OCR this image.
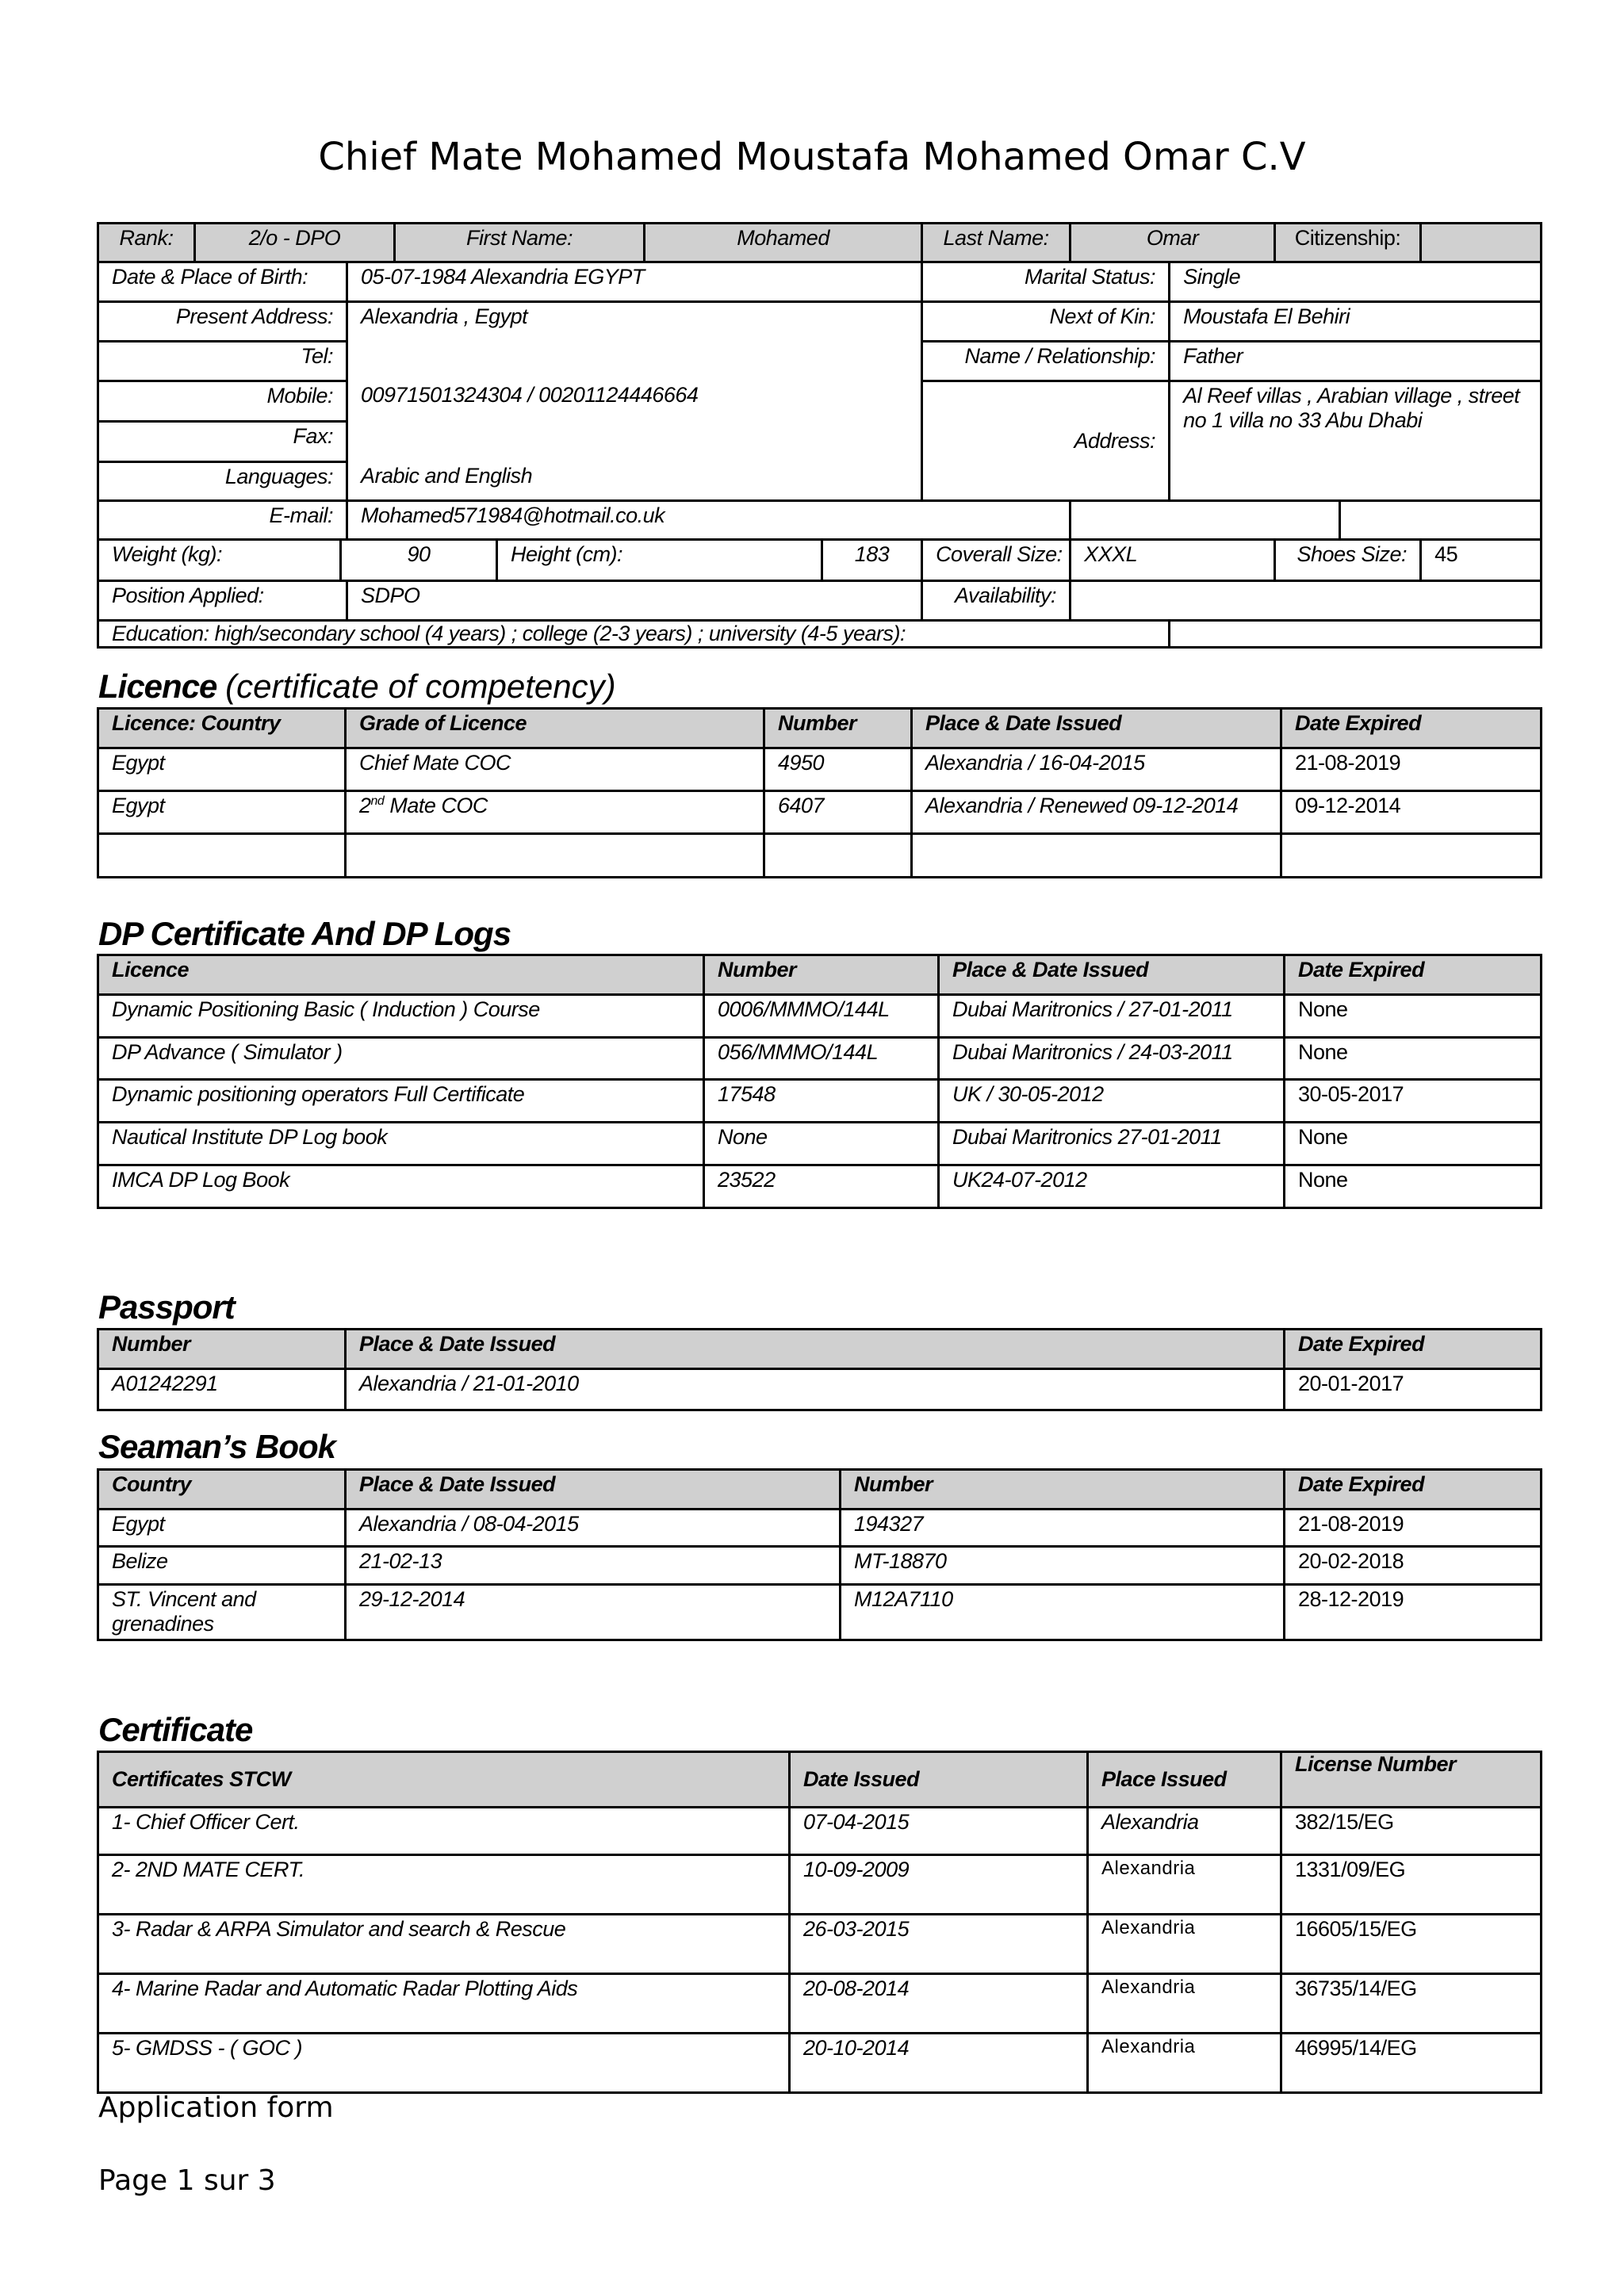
Chief Mate Mohamed Moustafa Mohamed Omar C.V
Rank:	2/o - DPO			First Name:		Mohamed		Last Name:	Omar		Citizenship:		
Date & Place of Birth:			05-07-1984 Alexandria EGYPT					Marital Status:		Single			
Present Address:			Alexandria , Egypt					Next of Kin:		Moustafa El Behiri			
Tel:								Name / Relationship:		Father			
Mobile:			00971501324304 / 00201124446664					Address:		Al Reef villas , Arabian village , street no 1 villa no 33 Abu Dhabi			
Fax:													
Languages:			Arabic and English										
E-mail:			Mohamed571984@hotmail.co.uk										
Weight (kg):		90			Height (cm):		183	Coverall Size:	XXXL		Shoes Size:		45
Position Applied:			SDPO					Availability:					
Education: high/secondary school (4 years) ; college (2-3 years) ; university (4-5 years):													
Licence (certificate of competency)
Licence: Country	Grade of Licence	Number	Place & Date Issued	Date Expired
Egypt	Chief Mate COC	4950	Alexandria / 16-04-2015	21-08-2019
Egypt	2nd Mate COC	6407	Alexandria / Renewed 09-12-2014	09-12-2014

DP Certificate And DP Logs
Licence	Number	Place & Date Issued	Date Expired
Dynamic Positioning Basic ( Induction ) Course	0006/MMMO/144L	Dubai Maritronics / 27-01-2011	None
DP Advance ( Simulator )	056/MMMO/144L	Dubai Maritronics / 24-03-2011	None
Dynamic positioning operators Full Certificate	17548	UK / 30-05-2012	30-05-2017
Nautical Institute DP Log book	None	Dubai Maritronics 27-01-2011	None
IMCA DP Log Book	23522	UK24-07-2012	None
Passport
Number	Place & Date Issued	Date Expired
A01242291	Alexandria / 21-01-2010	20-01-2017
Seaman’s Book
Country	Place & Date Issued	Number	Date Expired
Egypt	Alexandria / 08-04-2015	194327	21-08-2019
Belize	21-02-13	MT-18870	20-02-2018
ST. Vincent and grenadines	29-12-2014	M12A7110	28-12-2019
Certificate
Certificates STCW	Date Issued	Place Issued	License Number
1- Chief Officer Cert.	07-04-2015	Alexandria	382/15/EG
2- 2ND MATE CERT.	10-09-2009	Alexandria	1331/09/EG
3- Radar & ARPA Simulator and search & Rescue	26-03-2015	Alexandria	16605/15/EG
4- Marine Radar and Automatic Radar Plotting Aids	20-08-2014	Alexandria	36735/14/EG
5- GMDSS - ( GOC )	20-10-2014	Alexandria	46995/14/EG
Application form
Page 1 sur 3
